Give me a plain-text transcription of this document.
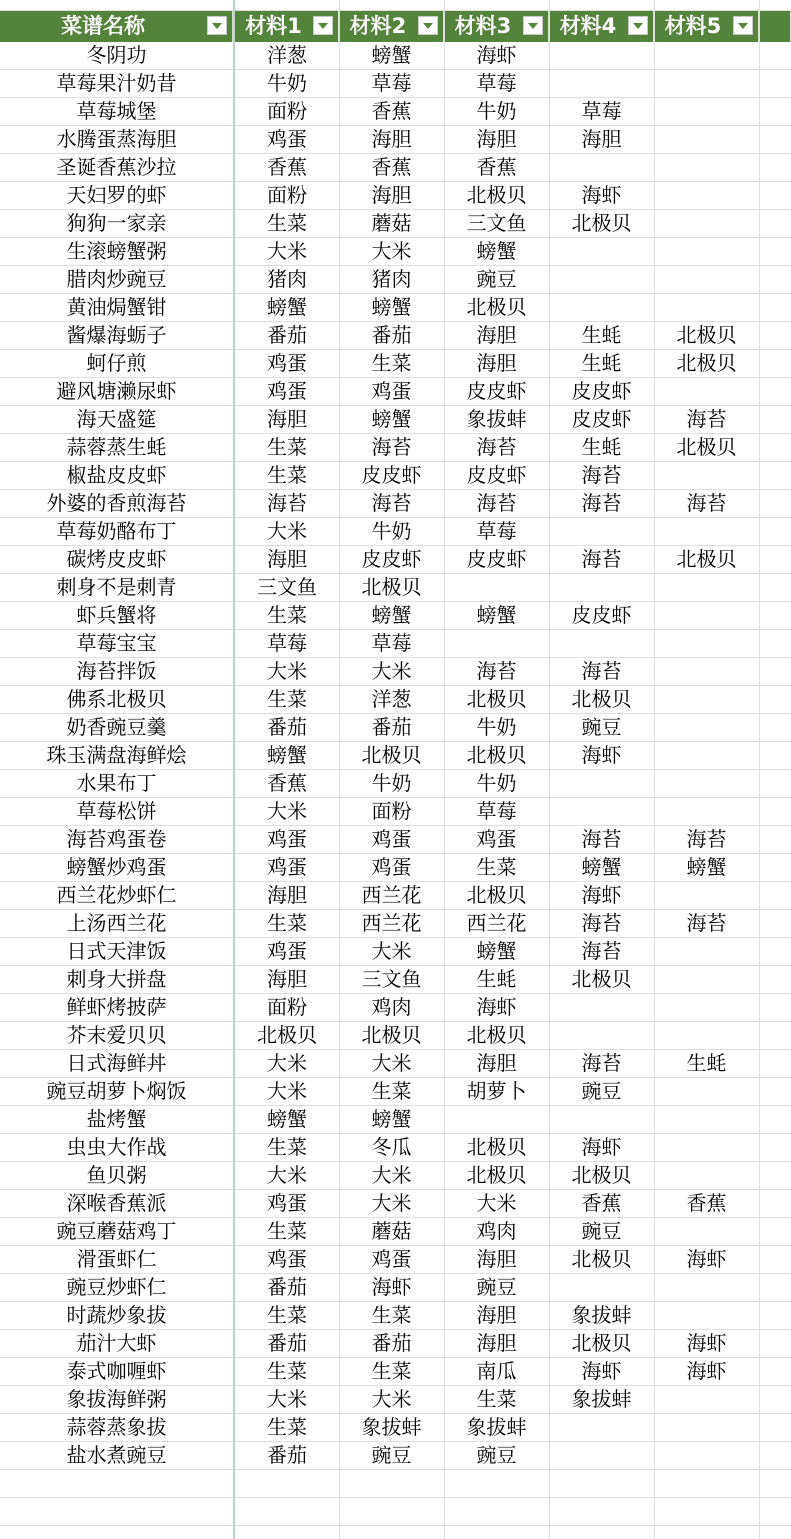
菜谱名称	材料1	材料2	材料3	材料4	材料5
冬阴功	洋葱	螃蟹	海虾
草莓果汁奶昔	牛奶	草莓	草莓
草莓城堡	面粉	香蕉	牛奶	草莓
水腾蛋蒸海胆	鸡蛋	海胆	海胆	海胆
圣诞香蕉沙拉	香蕉	香蕉	香蕉
天妇罗的虾	面粉	海胆	北极贝	海虾
狗狗一家亲	生菜	蘑菇	三文鱼	北极贝
生滚螃蟹粥	大米	大米	螃蟹
腊肉炒豌豆	猪肉	猪肉	豌豆
黄油焗蟹钳	螃蟹	螃蟹	北极贝
酱爆海蛎子	番茄	番茄	海胆	生蚝	北极贝
蚵仔煎	鸡蛋	生菜	海胆	生蚝	北极贝
避风塘濑尿虾	鸡蛋	鸡蛋	皮皮虾	皮皮虾
海天盛筵	海胆	螃蟹	象拔蚌	皮皮虾	海苔
蒜蓉蒸生蚝	生菜	海苔	海苔	生蚝	北极贝
椒盐皮皮虾	生菜	皮皮虾	皮皮虾	海苔
外婆的香煎海苔	海苔	海苔	海苔	海苔	海苔
草莓奶酪布丁	大米	牛奶	草莓
碳烤皮皮虾	海胆	皮皮虾	皮皮虾	海苔	北极贝
刺身不是刺青	三文鱼	北极贝
虾兵蟹将	生菜	螃蟹	螃蟹	皮皮虾
草莓宝宝	草莓	草莓
海苔拌饭	大米	大米	海苔	海苔
佛系北极贝	生菜	洋葱	北极贝	北极贝
奶香豌豆羹	番茄	番茄	牛奶	豌豆
珠玉满盘海鲜烩	螃蟹	北极贝	北极贝	海虾
水果布丁	香蕉	牛奶	牛奶
草莓松饼	大米	面粉	草莓
海苔鸡蛋卷	鸡蛋	鸡蛋	鸡蛋	海苔	海苔
螃蟹炒鸡蛋	鸡蛋	鸡蛋	生菜	螃蟹	螃蟹
西兰花炒虾仁	海胆	西兰花	北极贝	海虾
上汤西兰花	生菜	西兰花	西兰花	海苔	海苔
日式天津饭	鸡蛋	大米	螃蟹	海苔
刺身大拼盘	海胆	三文鱼	生蚝	北极贝
鲜虾烤披萨	面粉	鸡肉	海虾
芥末爱贝贝	北极贝	北极贝	北极贝
日式海鲜丼	大米	大米	海胆	海苔	生蚝
豌豆胡萝卜焖饭	大米	生菜	胡萝卜	豌豆
盐烤蟹	螃蟹	螃蟹
虫虫大作战	生菜	冬瓜	北极贝	海虾
鱼贝粥	大米	大米	北极贝	北极贝
深喉香蕉派	鸡蛋	大米	大米	香蕉	香蕉
豌豆蘑菇鸡丁	生菜	蘑菇	鸡肉	豌豆
滑蛋虾仁	鸡蛋	鸡蛋	海胆	北极贝	海虾
豌豆炒虾仁	番茄	海虾	豌豆
时蔬炒象拔	生菜	生菜	海胆	象拔蚌
茄汁大虾	番茄	番茄	海胆	北极贝	海虾
泰式咖喱虾	生菜	生菜	南瓜	海虾	海虾
象拔海鲜粥	大米	大米	生菜	象拔蚌
蒜蓉蒸象拔	生菜	象拔蚌	象拔蚌
盐水煮豌豆	番茄	豌豆	豌豆
